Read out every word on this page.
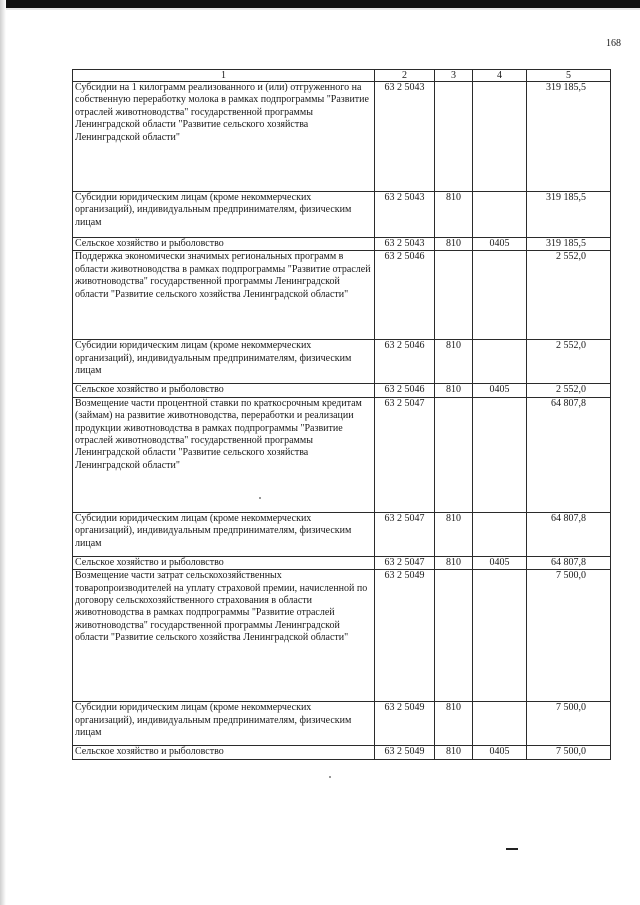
168
1	2	3	4	5
Субсидии на 1 килограмм реализованного и (или) отгруженного на собственную переработку молока в рамках подпрограммы "Развитие отраслей животноводства" государственной программы Ленинградской области "Развитие сельского хозяйства Ленинградской области"	63 2 5043			319 185,5
Субсидии юридическим лицам (кроме некоммерческих организаций), индивидуальным предпринимателям, физическим лицам	63 2 5043	810		319 185,5
Сельское хозяйство и рыболовство	63 2 5043	810	0405	319 185,5
Поддержка экономически значимых региональных программ в области животноводства в рамках подпрограммы "Развитие отраслей животноводства" государственной программы Ленинградской области "Развитие сельского хозяйства Ленинградской области"	63 2 5046			2 552,0
Субсидии юридическим лицам (кроме некоммерческих организаций), индивидуальным предпринимателям, физическим лицам	63 2 5046	810		2 552,0
Сельское хозяйство и рыболовство	63 2 5046	810	0405	2 552,0
Возмещение части процентной ставки по краткосрочным кредитам (займам) на развитие животноводства, переработки и реализации продукции животноводства в рамках подпрограммы "Развитие отраслей животноводства" государственной программы Ленинградской области "Развитие сельского хозяйства Ленинградской области"	63 2 5047			64 807,8
Субсидии юридическим лицам (кроме некоммерческих организаций), индивидуальным предпринимателям, физическим лицам	63 2 5047	810		64 807,8
Сельское хозяйство и рыболовство	63 2 5047	810	0405	64 807,8
Возмещение части затрат сельскохозяйственных товаропроизводителей на уплату страховой премии, начисленной по договору сельскохозяйственного страхования в области животноводства в рамках подпрограммы "Развитие отраслей животноводства" государственной программы Ленинградской области "Развитие сельского хозяйства Ленинградской области"	63 2 5049			7 500,0
Субсидии юридическим лицам (кроме некоммерческих организаций), индивидуальным предпринимателям, физическим лицам	63 2 5049	810		7 500,0
Сельское хозяйство и рыболовство	63 2 5049	810	0405	7 500,0
